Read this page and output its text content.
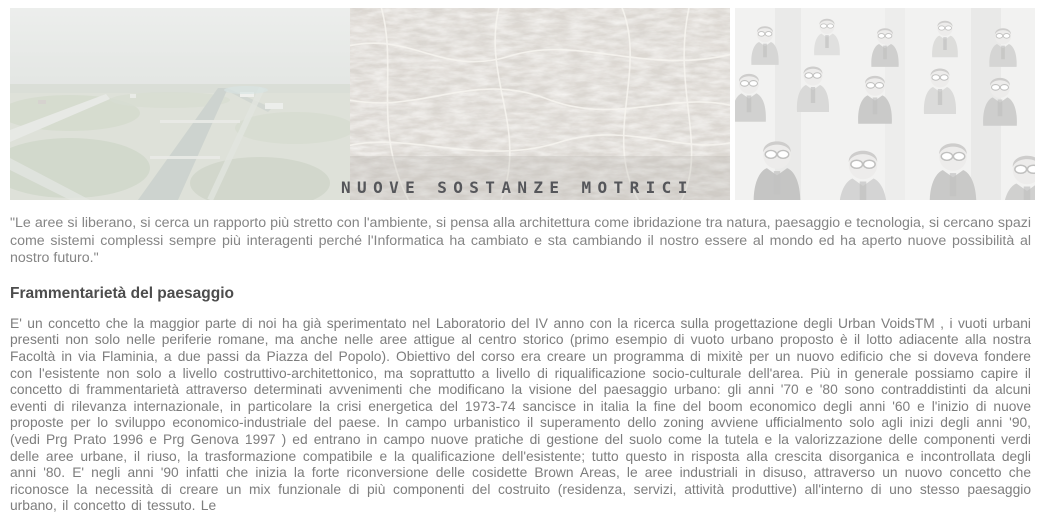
NUOVE SOSTANZE MOTRICI

"Le aree si liberano, si cerca un rapporto più stretto con l'ambiente, si pensa alla architettura come ibridazione tra natura, paesaggio e tecnologia, si cercano spazi come sistemi complessi sempre più interagenti perché l'Informatica ha cambiato e sta cambiando il nostro essere al mondo ed ha aperto nuove possibilità al nostro futuro."

Frammentarietà del paesaggio

E' un concetto che la maggior parte di noi ha già sperimentato nel Laboratorio del IV anno con la ricerca sulla progettazione degli Urban VoidsTM , i vuoti urbani presenti non solo nelle periferie romane, ma anche nelle aree attigue al centro storico (primo esempio di vuoto urbano proposto è il lotto adiacente alla nostra Facoltà in via Flaminia, a due passi da Piazza del Popolo). Obiettivo del corso era creare un programma di mixitè per un nuovo edificio che si doveva fondere con l'esistente non solo a livello costruttivo-architettonico, ma soprattutto a livello di riqualificazione socio-culturale dell'area. Più in generale possiamo capire il concetto di frammentarietà attraverso determinati avvenimenti che modificano la visione del paesaggio urbano: gli anni '70 e '80 sono contraddistinti da alcuni eventi di rilevanza internazionale, in particolare la crisi energetica del 1973-74 sancisce in italia la fine del boom economico degli anni '60 e l'inizio di nuove proposte per lo sviluppo economico-industriale del paese. In campo urbanistico il superamento dello zoning avviene ufficialmento solo agli inizi degli anni '90, (vedi Prg Prato 1996 e Prg Genova 1997 ) ed entrano in campo nuove pratiche di gestione del suolo come la tutela e la valorizzazione delle componenti verdi delle aree urbane, il riuso, la trasformazione compatibile e la qualificazione dell'esistente; tutto questo in risposta alla crescita disorganica e incontrollata degli anni '80. E' negli anni '90 infatti che inizia la forte riconversione delle cosidette Brown Areas, le aree industriali in disuso, attraverso un nuovo concetto che riconosce la necessità di creare un mix funzionale di più componenti del costruito (residenza, servizi, attività produttive) all'interno di uno stesso paesaggio urbano, il concetto di tessuto. Le
